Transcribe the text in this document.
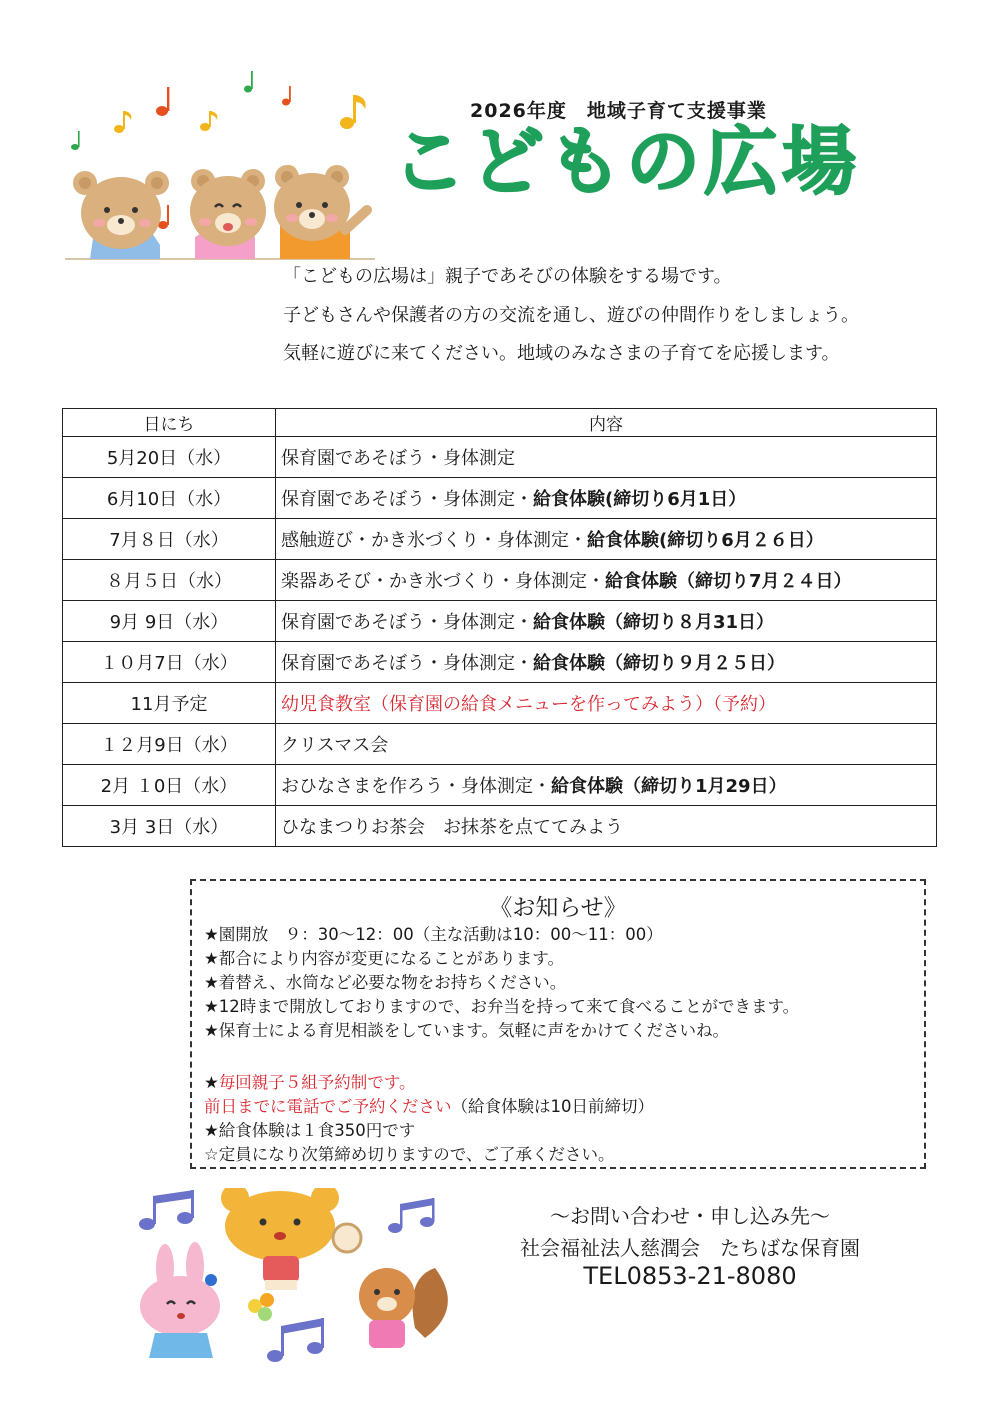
2026年度　地域子育て支援事業
こどもの広場
「こどもの広場は」親子であそびの体験をする場です。
子どもさんや保護者の方の交流を通し、遊びの仲間作りをしましょう。
気軽に遊びに来てください。地域のみなさまの子育てを応援します。
日にち	内容
5月20日（水）	保育園であそぼう・身体測定
6月10日（水）	保育園であそぼう・身体測定・給食体験(締切り6月1日）
7月８日（水）	感触遊び・かき氷づくり・身体測定・給食体験(締切り6月２６日）
８月５日（水）	楽器あそび・かき氷づくり・身体測定・給食体験（締切り7月２４日）
9月 9日（水）	保育園であそぼう・身体測定・給食体験（締切り８月31日）
１０月7日（水）	保育園であそぼう・身体測定・給食体験（締切り９月２５日）
11月予定	幼児食教室（保育園の給食メニューを作ってみよう）（予約）
１２月9日（水）	クリスマス会
2月 １0日（水）	おひなさまを作ろう・身体測定・給食体験（締切り1月29日）
3月 3日（水）	ひなまつりお茶会　お抹茶を点ててみよう
《お知らせ》
★園開放　９：30～12：00（主な活動は10：00～11：00）
★都合により内容が変更になることがあります。
★着替え、水筒など必要な物をお持ちください。
★12時まで開放しておりますので、お弁当を持って来て食べることができます。
★保育士による育児相談をしています。気軽に声をかけてくださいね。
★毎回親子５組予約制です。
前日までに電話でご予約ください（給食体験は10日前締切）
★給食体験は１食350円です
☆定員になり次第締め切りますので、ご了承ください。
～お問い合わせ・申し込み先～
社会福祉法人慈潤会　たちばな保育園
TEL0853-21-8080
